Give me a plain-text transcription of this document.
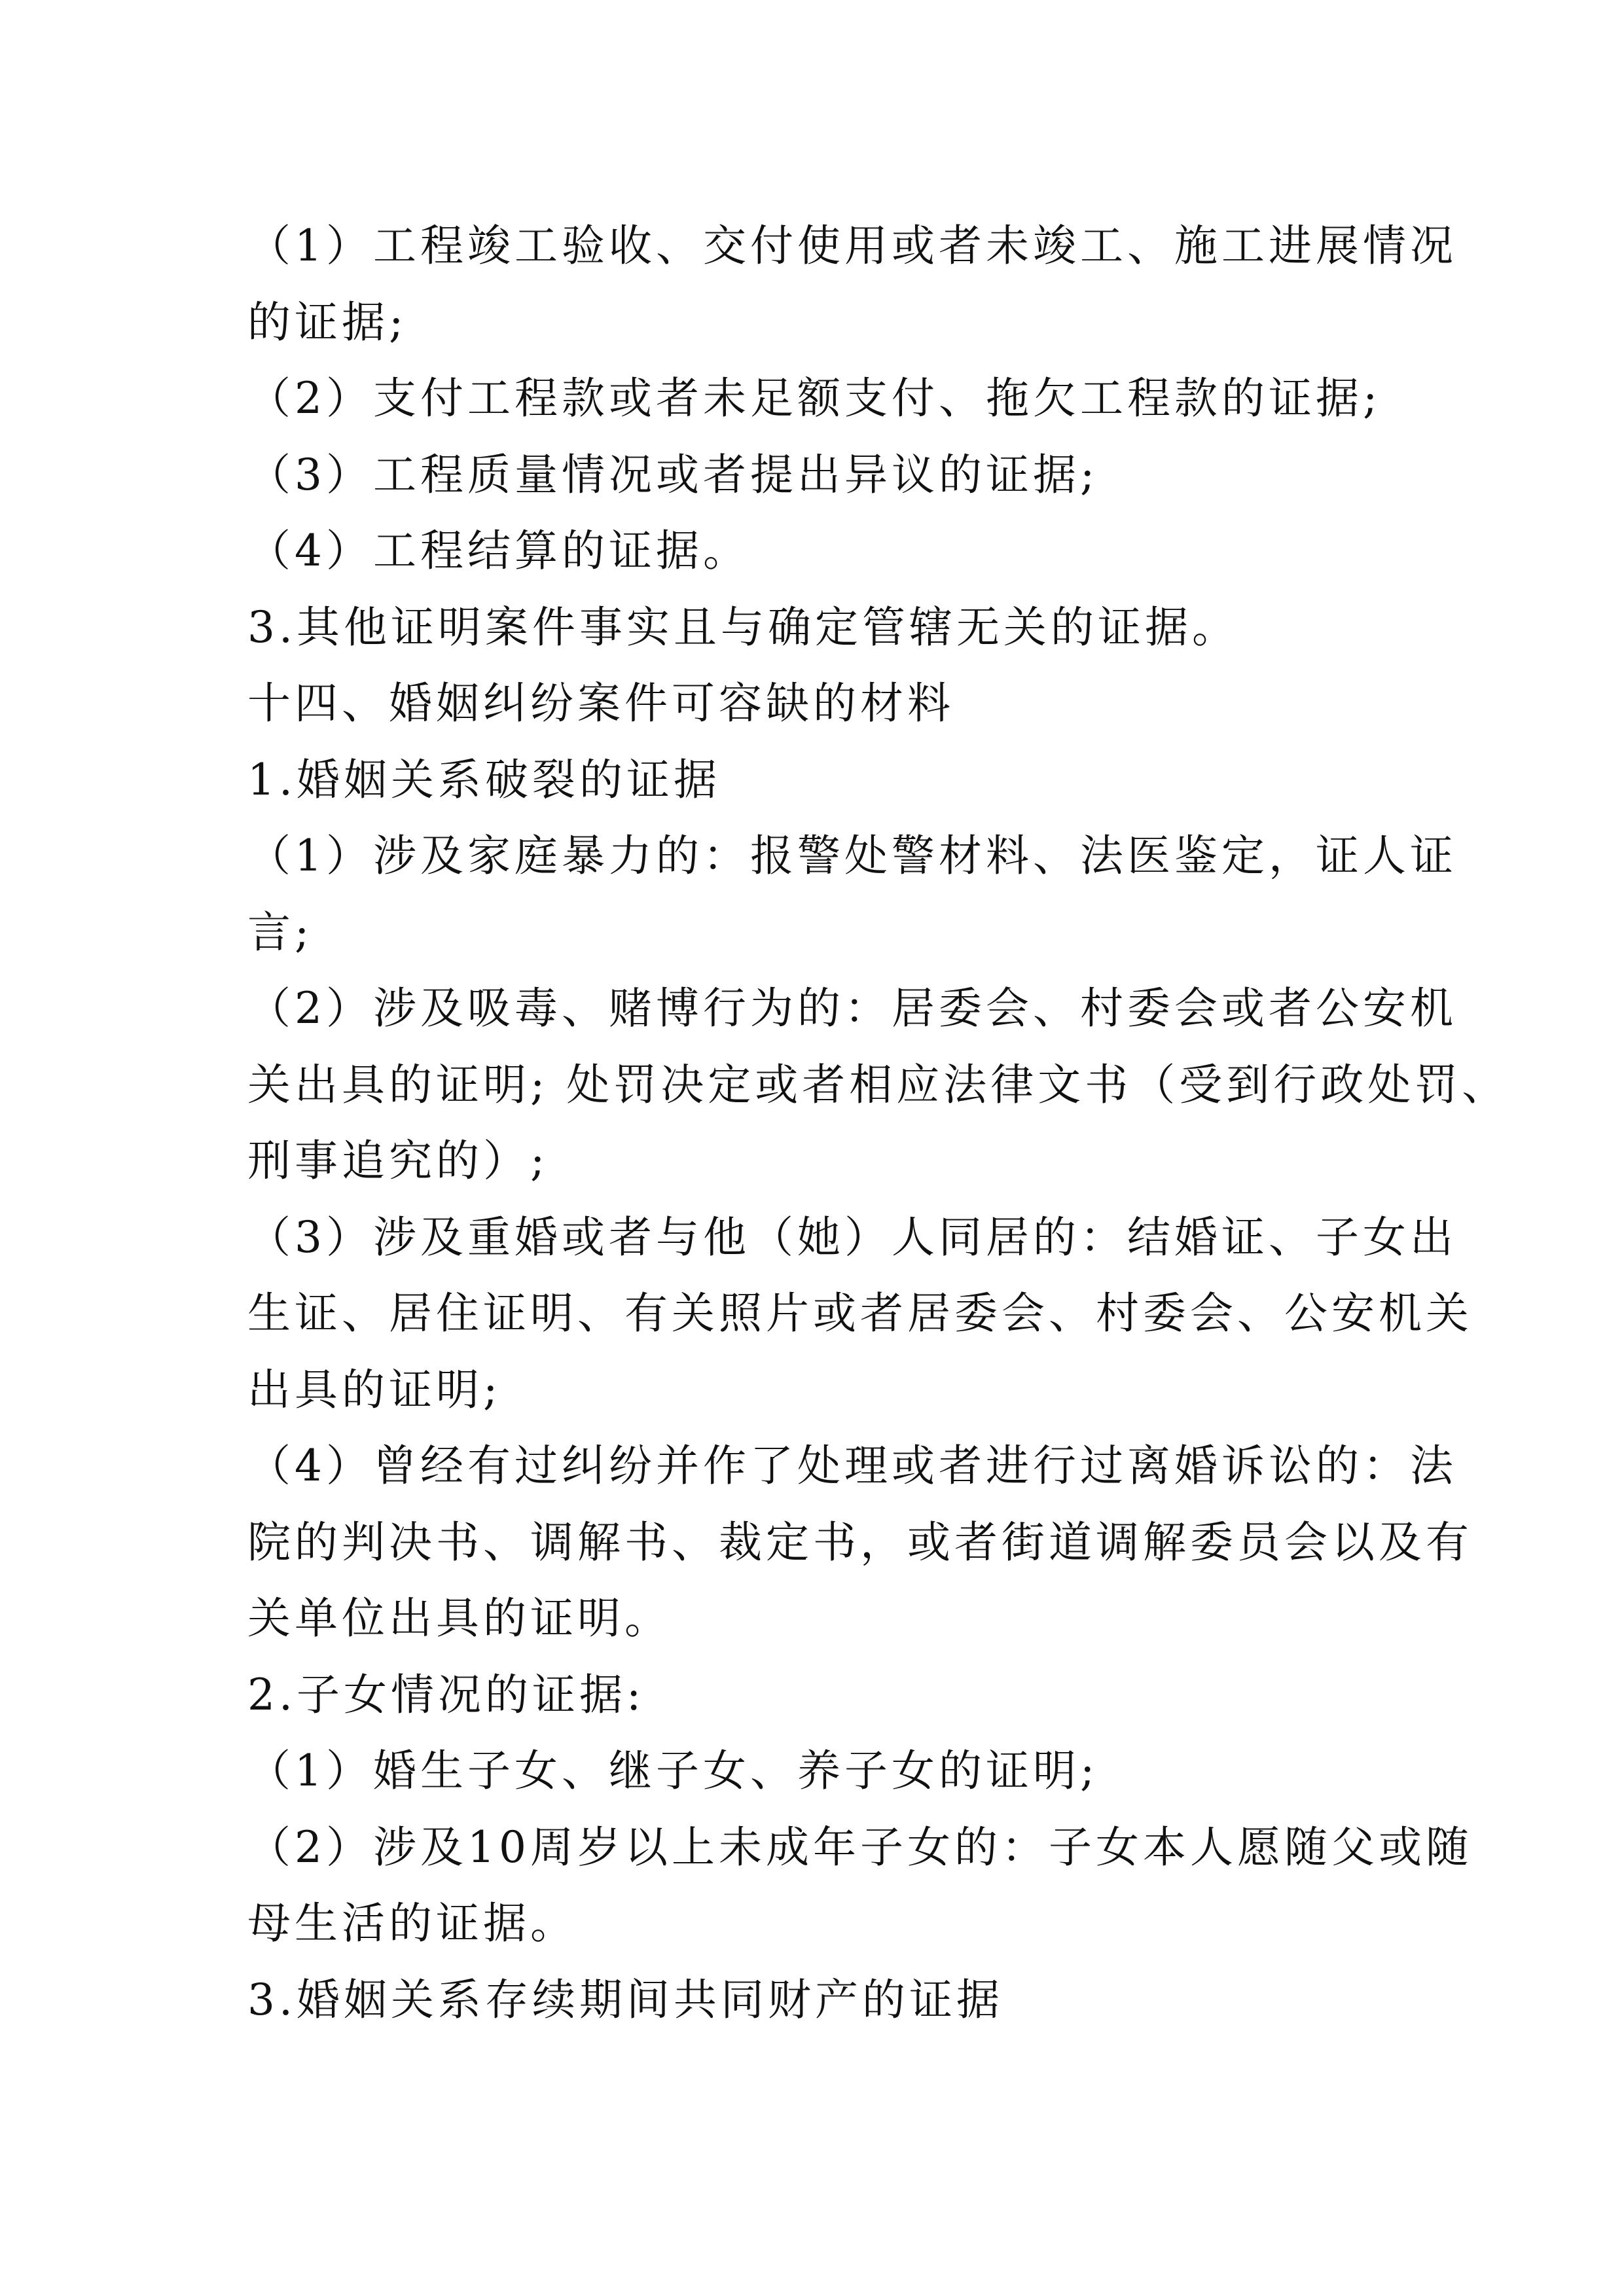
（1）工程竣工验收、交付使用或者未竣工、施工进展情况
的证据;
（2）支付工程款或者未足额支付、拖欠工程款的证据;
（3）工程质量情况或者提出异议的证据;
（4）工程结算的证据。
3.其他证明案件事实且与确定管辖无关的证据。
十四、婚姻纠纷案件可容缺的材料
1.婚姻关系破裂的证据
（1）涉及家庭暴力的：报警处警材料、法医鉴定，证人证
言;
（2）涉及吸毒、赌博行为的：居委会、村委会或者公安机
关出具的证明; 处罚决定或者相应法律文书（受到行政处罚、
刑事追究的）;
（3）涉及重婚或者与他（她）人同居的：结婚证、子女出
生证、居住证明、有关照片或者居委会、村委会、公安机关
出具的证明;
（4）曾经有过纠纷并作了处理或者进行过离婚诉讼的：法
院的判决书、调解书、裁定书，或者街道调解委员会以及有
关单位出具的证明。
2.子女情况的证据:
（1）婚生子女、继子女、养子女的证明;
（2）涉及10周岁以上未成年子女的：子女本人愿随父或随
母生活的证据。
3.婚姻关系存续期间共同财产的证据
